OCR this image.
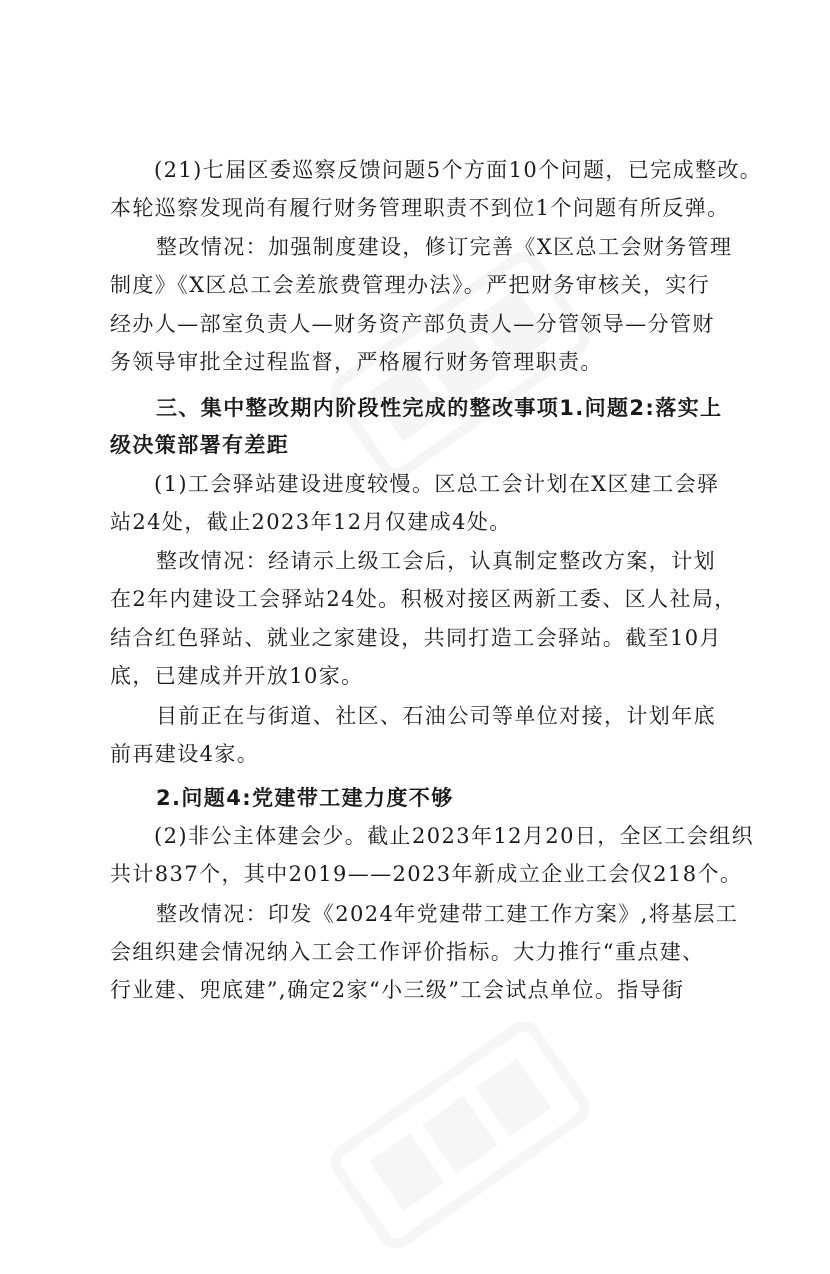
(21)七届区委巡察反馈问题5个方面10个问题，已完成整改。
本轮巡察发现尚有履行财务管理职责不到位1个问题有所反弹。
整改情况：加强制度建设，修订完善《X区总工会财务管理
制度》《X区总工会差旅费管理办法》。严把财务审核关，实行
经办人—部室负责人—财务资产部负责人—分管领导—分管财
务领导审批全过程监督，严格履行财务管理职责。
三、集中整改期内阶段性完成的整改事项1.问题2:落实上
级决策部署有差距
(1)工会驿站建设进度较慢。区总工会计划在X区建工会驿
站24处，截止2023年12月仅建成4处。
整改情况：经请示上级工会后，认真制定整改方案，计划
在2年内建设工会驿站24处。积极对接区两新工委、区人社局，
结合红色驿站、就业之家建设，共同打造工会驿站。截至10月
底，已建成并开放10家。
目前正在与街道、社区、石油公司等单位对接，计划年底
前再建设4家。
2.问题4:党建带工建力度不够
(2)非公主体建会少。截止2023年12月20日，全区工会组织
共计837个，其中2019——2023年新成立企业工会仅218个。
整改情况：印发《2024年党建带工建工作方案》,将基层工
会组织建会情况纳入工会工作评价指标。大力推行“重点建、
行业建、兜底建”,确定2家“小三级”工会试点单位。指导街
